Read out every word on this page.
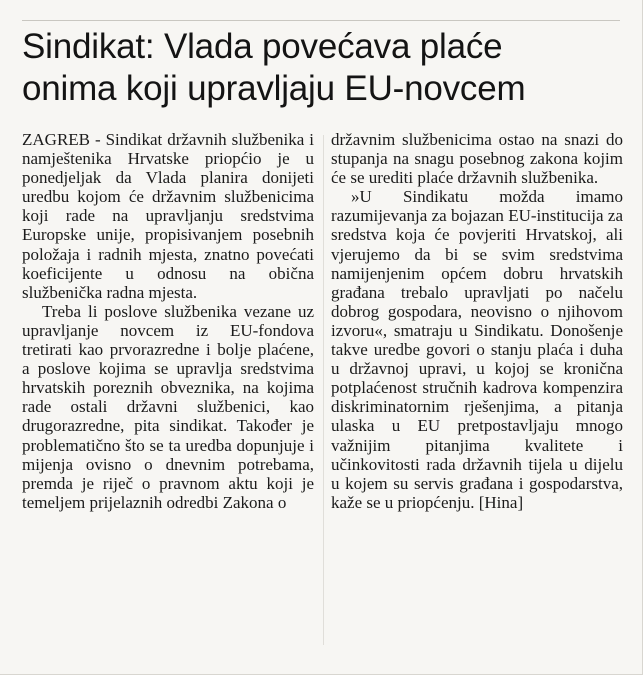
Sindikat: Vlada povećava plaće
onima koji upravljaju EU-novcem

ZAGREB - Sindikat državnih službenika i namještenika Hrvatske priopćio je u ponedjeljak da Vlada planira donijeti uredbu kojom će državnim službenicima koji rade na upravljanju sredstvima Europske unije, propisivanjem posebnih položaja i radnih mjesta, znatno povećati koeficijente u odnosu na obična službenička radna mjesta.

Treba li poslove službenika vezane uz upravljanje novcem iz EU-fondova tretirati kao prvorazredne i bolje plaćene, a poslove kojima se upravlja sredstvima hrvatskih poreznih obveznika, na kojima rade ostali državni službenici, kao drugorazredne, pita sindikat. Također je problematično što se ta uredba dopunjuje i mijenja ovisno o dnevnim potrebama, premda je riječ o pravnom aktu koji je temeljem prijelaznih odredbi Zakona o

državnim službenicima ostao na snazi do stupanja na snagu posebnog zakona kojim će se urediti plaće državnih službenika.

»U Sindikatu možda imamo razumijevanja za bojazan EU-institucija za sredstva koja će povjeriti Hrvatskoj, ali vjerujemo da bi se svim sredstvima namijenjenim općem dobru hrvatskih građana trebalo upravljati po načelu dobrog gospodara, neovisno o njihovom izvoru«, smatraju u Sindikatu. Donošenje takve uredbe govori o stanju plaća i duha u državnoj upravi, u kojoj se kronična potplaćenost stručnih kadrova kompenzira diskriminatornim rješenjima, a pitanja ulaska u EU pretpostavljaju mnogo važnijim pitanjima kvalitete i učinkovitosti rada državnih tijela u dijelu u kojem su servis građana i gospodarstva, kaže se u priopćenju. [Hina]
